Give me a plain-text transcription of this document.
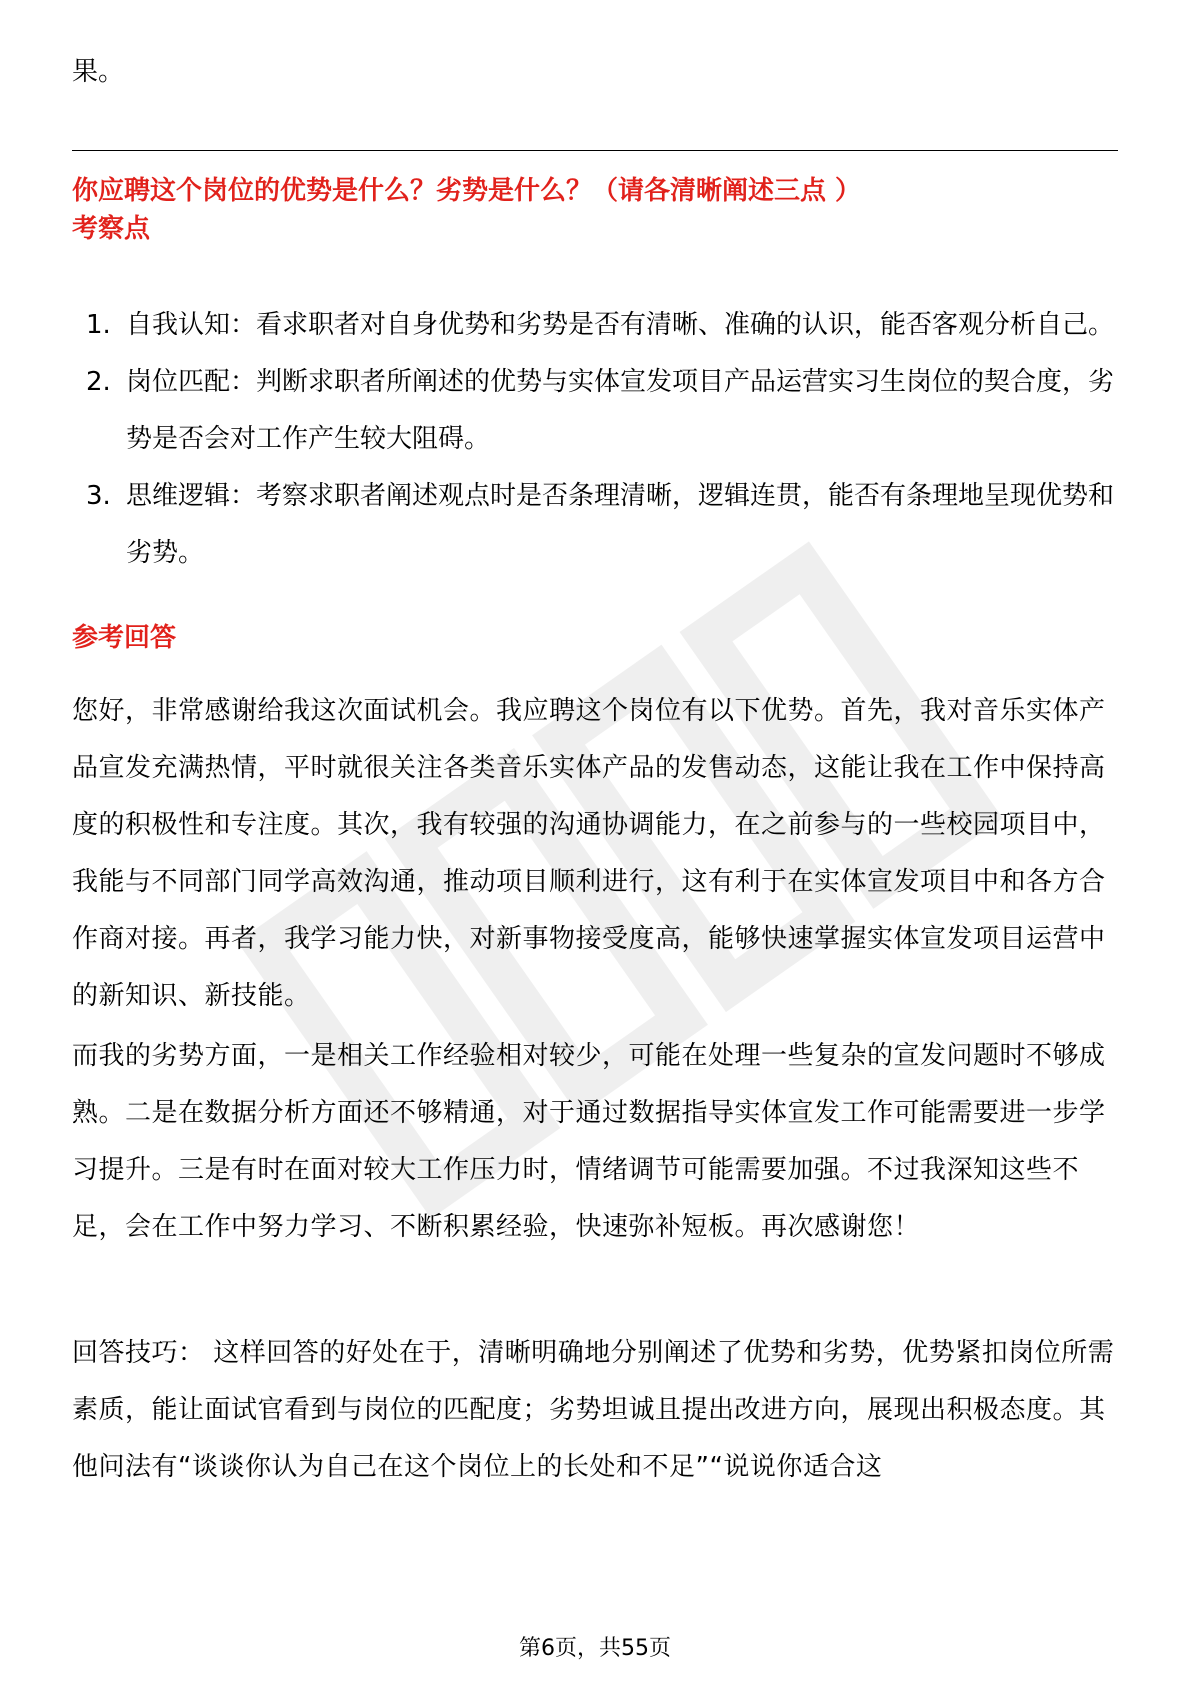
果。
你应聘这个岗位的优势是什么？劣势是什么？（请各清晰阐述三点 ）
考察点
1. 自我认知：看求职者对自身优势和劣势是否有清晰、准确的认识，能否客观分析自己。
2. 岗位匹配：判断求职者所阐述的优势与实体宣发项目产品运营实习生岗位的契合度，劣势是否会对工作产生较大阻碍。
3. 思维逻辑：考察求职者阐述观点时是否条理清晰，逻辑连贯，能否有条理地呈现优势和劣势。
参考回答

您好，非常感谢给我这次面试机会。我应聘这个岗位有以下优势。首先，我对音乐实体产品宣发充满热情，平时就很关注各类音乐实体产品的发售动态，这能让我在工作中保持高度的积极性和专注度。其次，我有较强的沟通协调能力，在之前参与的一些校园项目中，我能与不同部门同学高效沟通，推动项目顺利进行，这有利于在实体宣发项目中和各方合作商对接。再者，我学习能力快，对新事物接受度高，能够快速掌握实体宣发项目运营中的新知识、新技能。

而我的劣势方面，一是相关工作经验相对较少，可能在处理一些复杂的宣发问题时不够成熟。二是在数据分析方面还不够精通，对于通过数据指导实体宣发工作可能需要进一步学习提升。三是有时在面对较大工作压力时，情绪调节可能需要加强。不过我深知这些不足，会在工作中努力学习、不断积累经验，快速弥补短板。再次感谢您！

回答技巧： 这样回答的好处在于，清晰明确地分别阐述了优势和劣势，优势紧扣岗位所需素质，能让面试官看到与岗位的匹配度；劣势坦诚且提出改进方向，展现出积极态度。其他问法有“谈谈你认为自己在这个岗位上的长处和不足”“说说你适合这

第6页，共55页
